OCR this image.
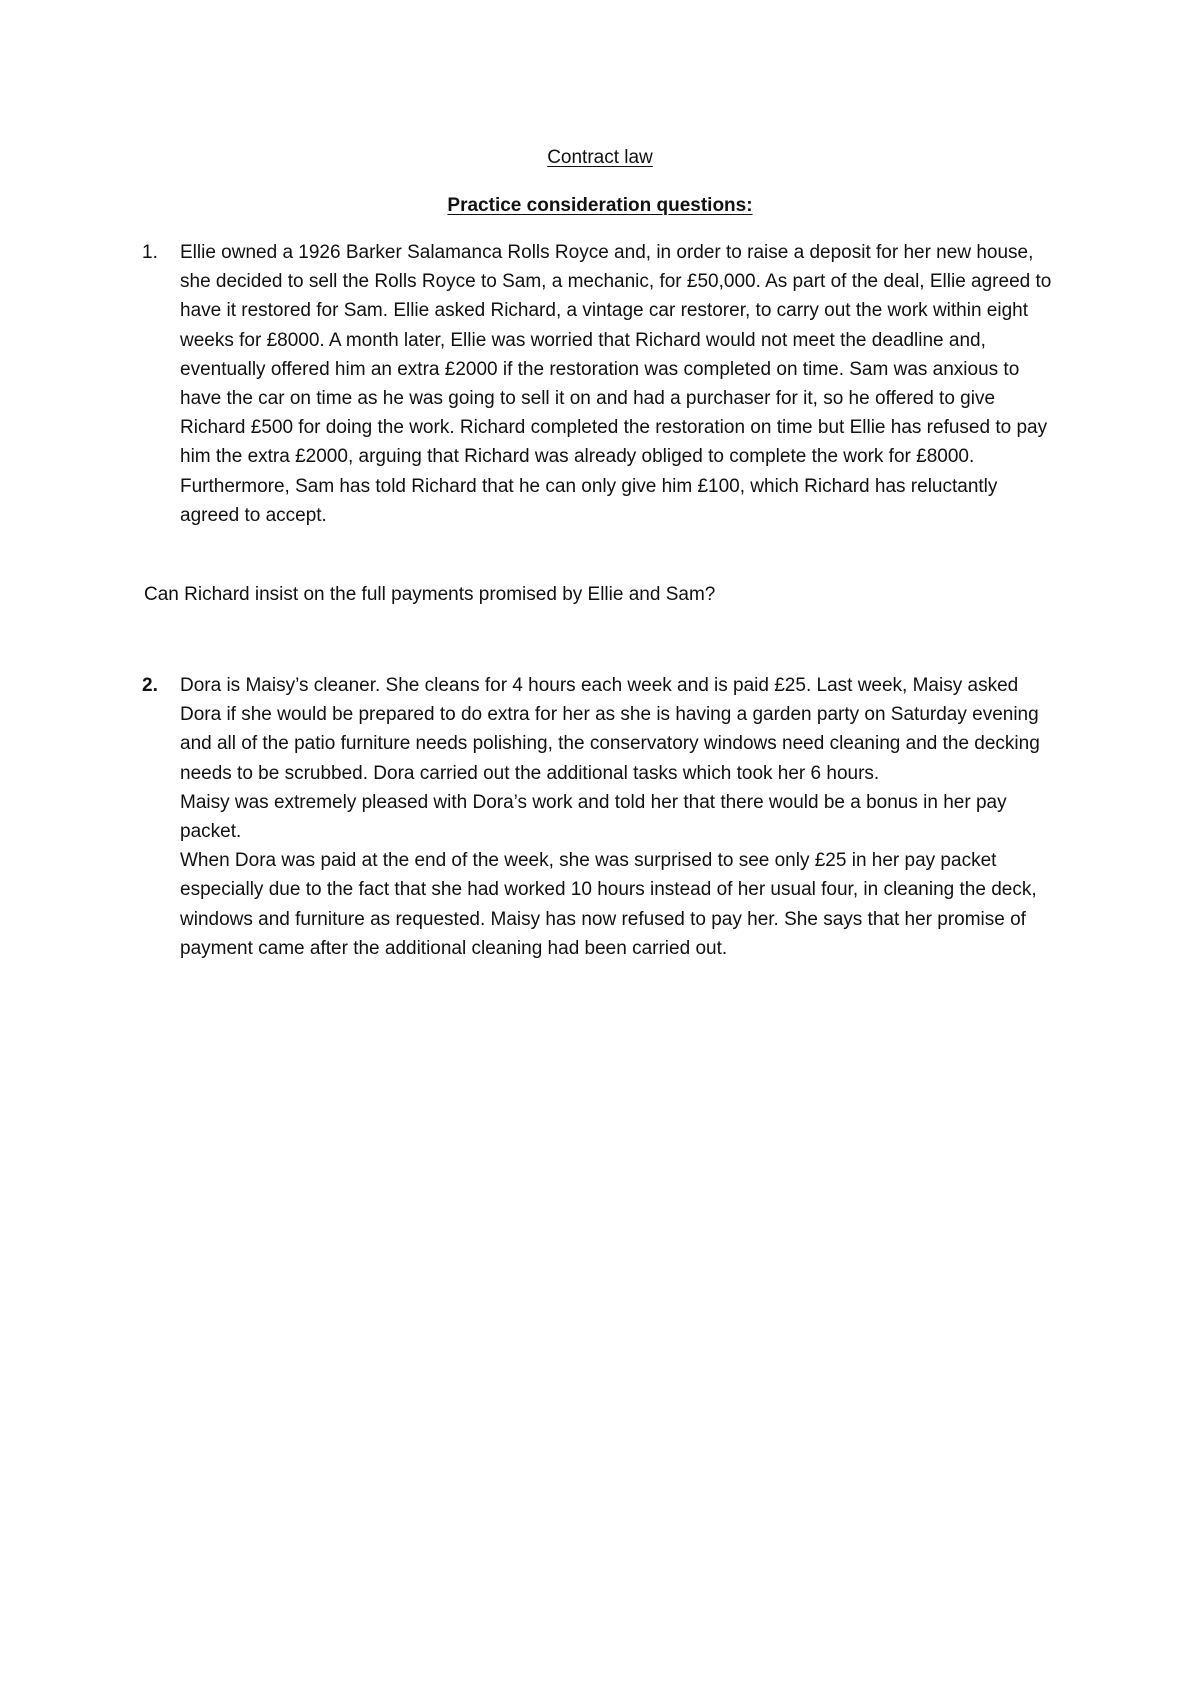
Contract law
Practice consideration questions:
1. Ellie owned a 1926 Barker Salamanca Rolls Royce and, in order to raise a deposit for her new house, she decided to sell the Rolls Royce to Sam, a mechanic, for £50,000. As part of the deal, Ellie agreed to have it restored for Sam. Ellie asked Richard, a vintage car restorer, to carry out the work within eight weeks for £8000. A month later, Ellie was worried that Richard would not meet the deadline and, eventually offered him an extra £2000 if the restoration was completed on time. Sam was anxious to have the car on time as he was going to sell it on and had a purchaser for it, so he offered to give Richard £500 for doing the work. Richard completed the restoration on time but Ellie has refused to pay him the extra £2000, arguing that Richard was already obliged to complete the work for £8000. Furthermore, Sam has told Richard that he can only give him £100, which Richard has reluctantly agreed to accept.

Can Richard insist on the full payments promised by Ellie and Sam?

2. Dora is Maisy’s cleaner. She cleans for 4 hours each week and is paid £25. Last week, Maisy asked Dora if she would be prepared to do extra for her as she is having a garden party on Saturday evening and all of the patio furniture needs polishing, the conservatory windows need cleaning and the decking needs to be scrubbed. Dora carried out the additional tasks which took her 6 hours.

Maisy was extremely pleased with Dora’s work and told her that there would be a bonus in her pay packet.

When Dora was paid at the end of the week, she was surprised to see only £25 in her pay packet especially due to the fact that she had worked 10 hours instead of her usual four, in cleaning the deck, windows and furniture as requested. Maisy has now refused to pay her. She says that her promise of payment came after the additional cleaning had been carried out.
